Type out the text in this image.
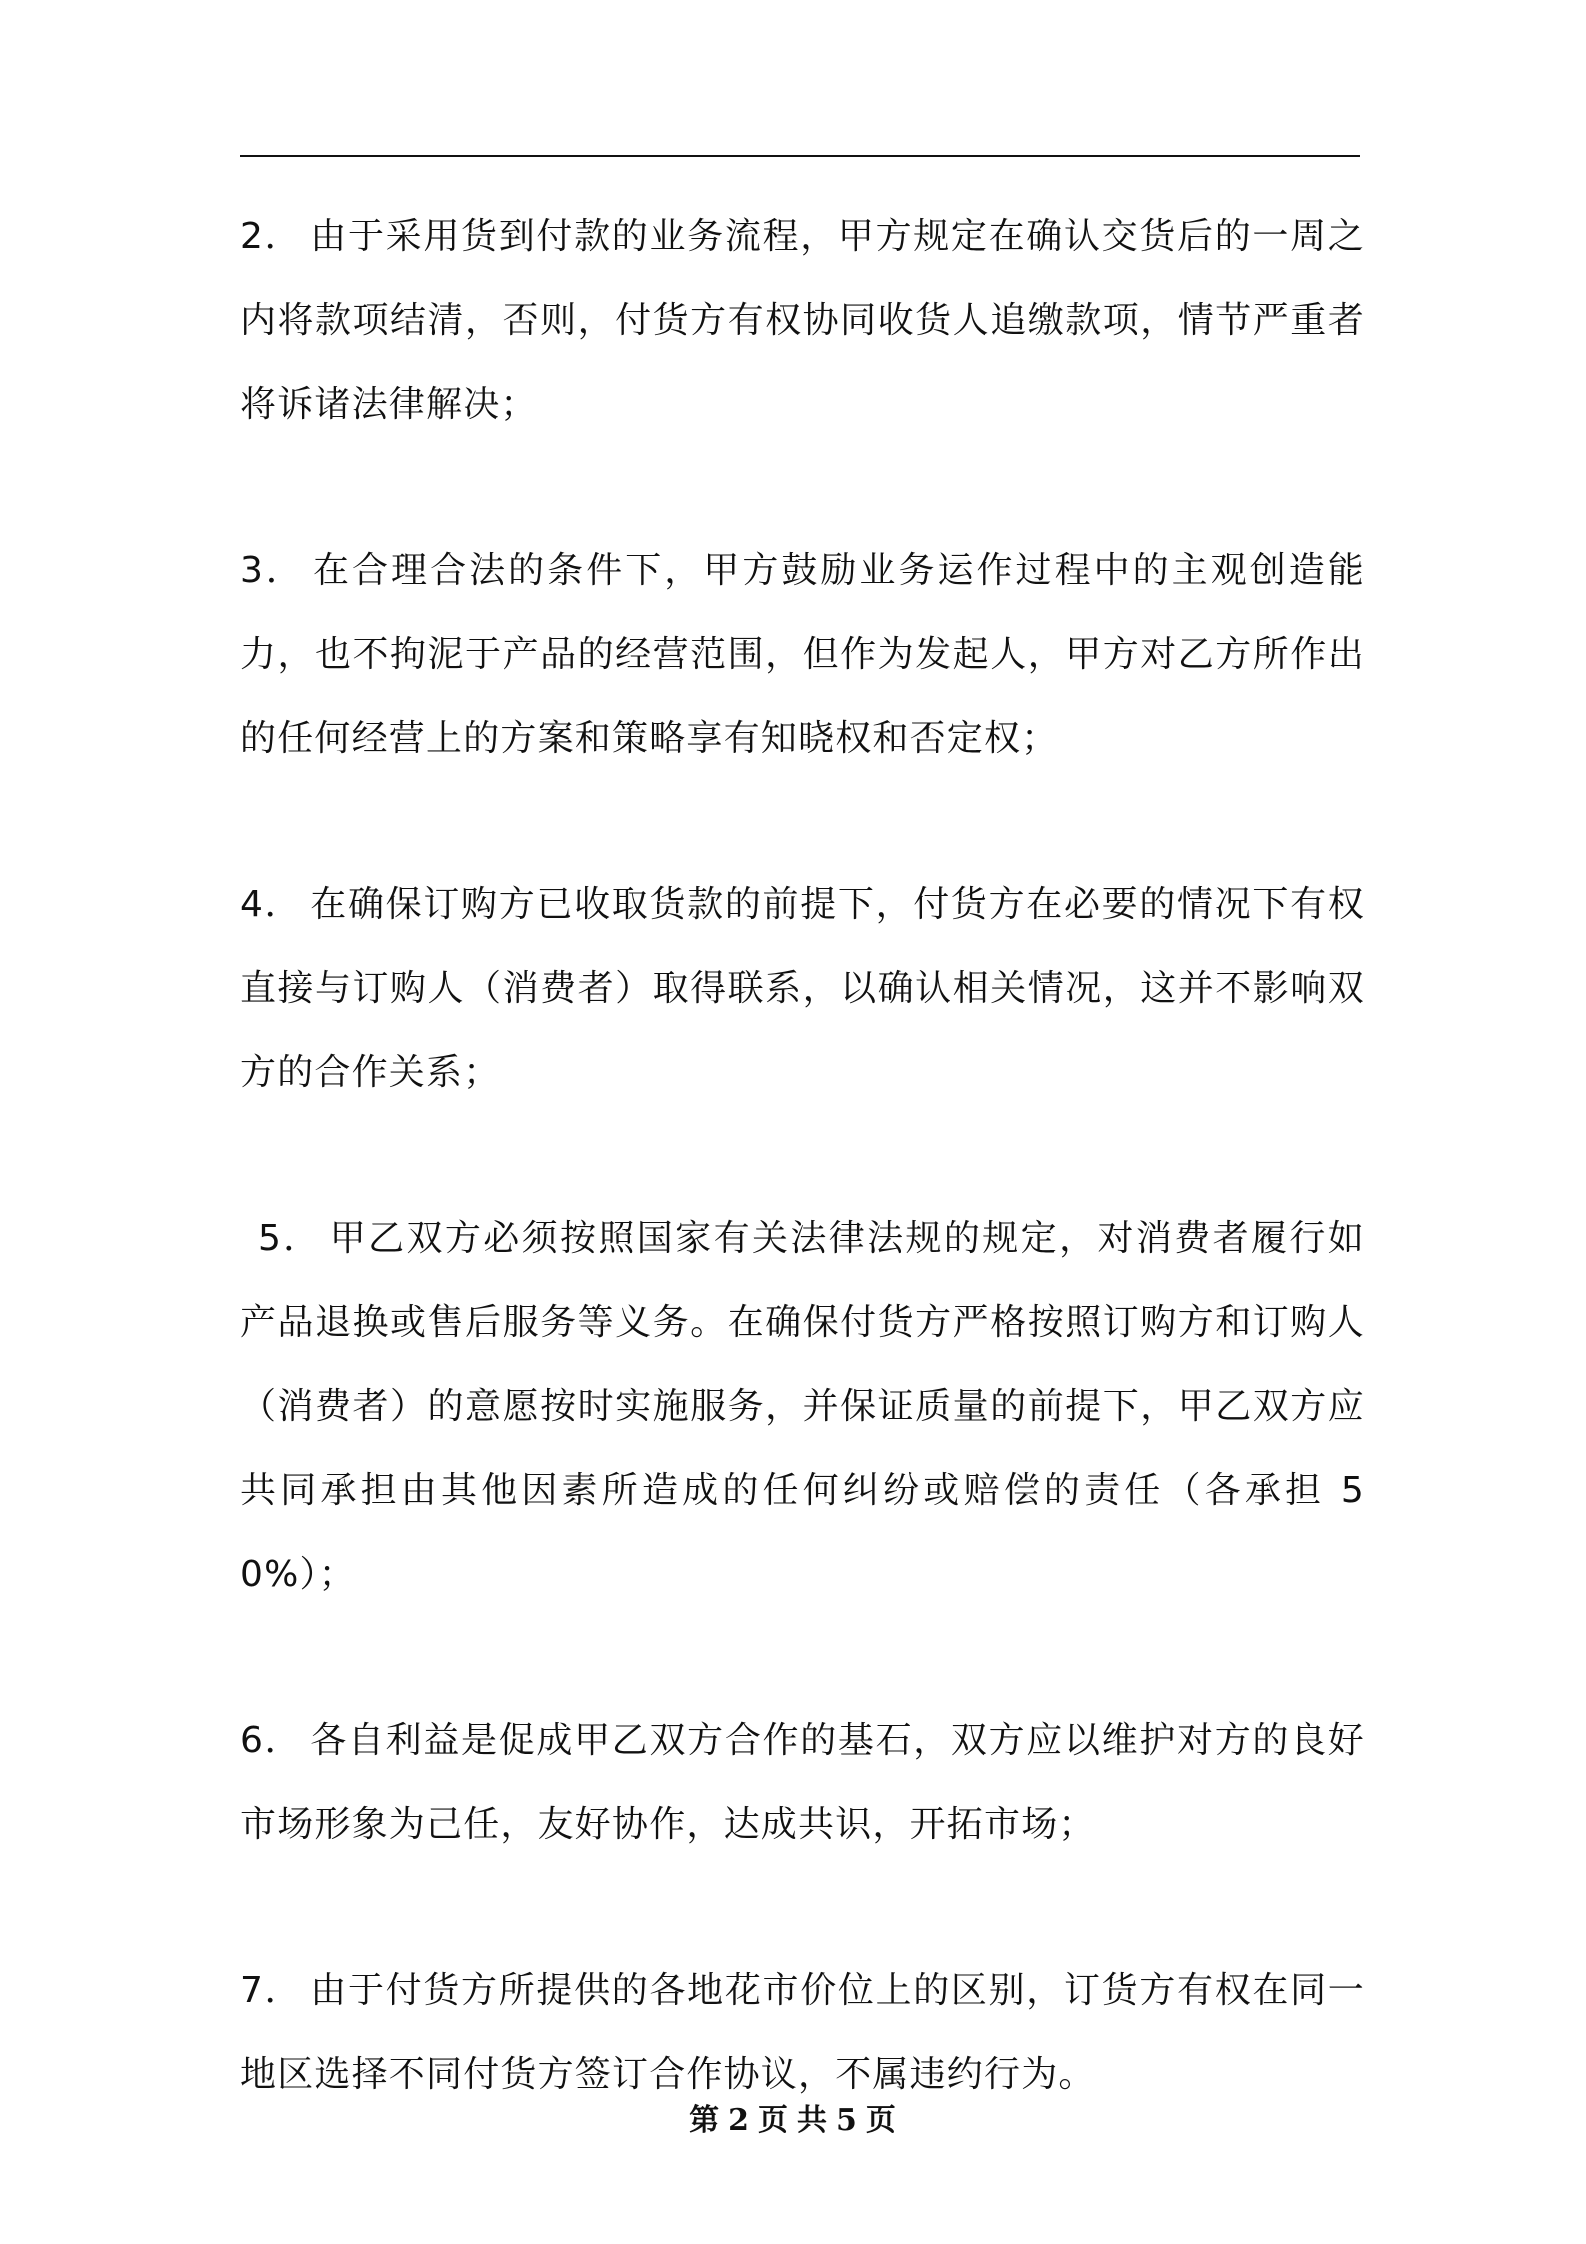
2． 由于采用货到付款的业务流程，甲方规定在确认交货后的一周之内将款项结清，否则，付货方有权协同收货人追缴款项，情节严重者将诉诸法律解决；

3． 在合理合法的条件下，甲方鼓励业务运作过程中的主观创造能力，也不拘泥于产品的经营范围，但作为发起人，甲方对乙方所作出的任何经营上的方案和策略享有知晓权和否定权；

4． 在确保订购方已收取货款的前提下，付货方在必要的情况下有权直接与订购人（消费者）取得联系，以确认相关情况，这并不影响双方的合作关系；

5． 甲乙双方必须按照国家有关法律法规的规定，对消费者履行如产品退换或售后服务等义务。在确保付货方严格按照订购方和订购人（消费者）的意愿按时实施服务，并保证质量的前提下，甲乙双方应共同承担由其他因素所造成的任何纠纷或赔偿的责任（各承担 50%）；

6． 各自利益是促成甲乙双方合作的基石，双方应以维护对方的良好市场形象为己任，友好协作，达成共识，开拓市场；

7． 由于付货方所提供的各地花市价位上的区别，订货方有权在同一地区选择不同付货方签订合作协议，不属违约行为。

第 2 页 共 5 页
